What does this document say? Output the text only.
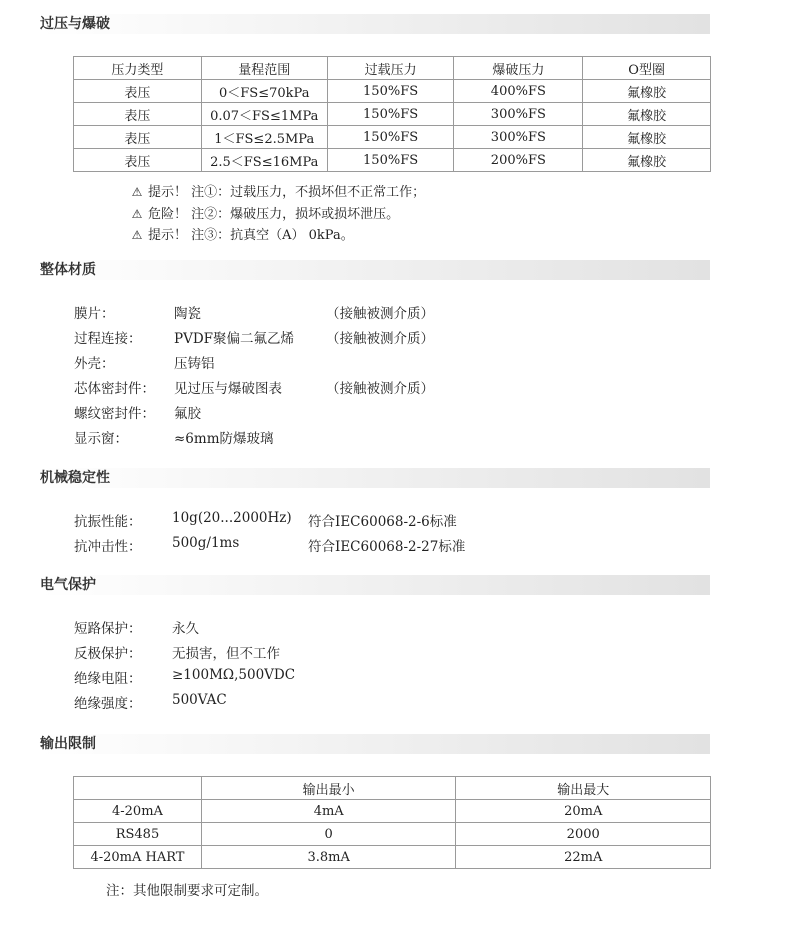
过压与爆破
压力类型	量程范围	过载压力	爆破压力	O型圈
表压	0＜FS≤70kPa	150%FS	400%FS	氟橡胶
表压	0.07＜FS≤1MPa	150%FS	300%FS	氟橡胶
表压	1＜FS≤2.5MPa	150%FS	300%FS	氟橡胶
表压	2.5＜FS≤16MPa	150%FS	200%FS	氟橡胶
⚠ 提示！ 注①：过载压力，不损坏但不正常工作；
⚠ 危险！ 注②：爆破压力，损坏或损坏泄压。
⚠ 提示！ 注③：抗真空（A） 0kPa。
整体材质
膜片：	陶瓷	（接触被测介质）
过程连接： PVDF聚偏二氟乙烯 （接触被测介质）
外壳：	压铸铝
芯体密封件： 见过压与爆破图表	（接触被测介质）
螺纹密封件： 氟胶
显示窗：	≈6mm防爆玻璃
机械稳定性
抗振性能： 10g(20...2000Hz) 符合IEC60068-2-6标准
抗冲击性： 500g/1ms	符合IEC60068-2-27标准
电气保护
短路保护： 永久
反极保护： 无损害，但不工作
绝缘电阻： ≥100MΩ,500VDC
绝缘强度： 500VAC
输出限制
	输出最小	输出最大
4-20mA	4mA	20mA
RS485	0	2000
4-20mA HART	3.8mA	22mA
注：其他限制要求可定制。
